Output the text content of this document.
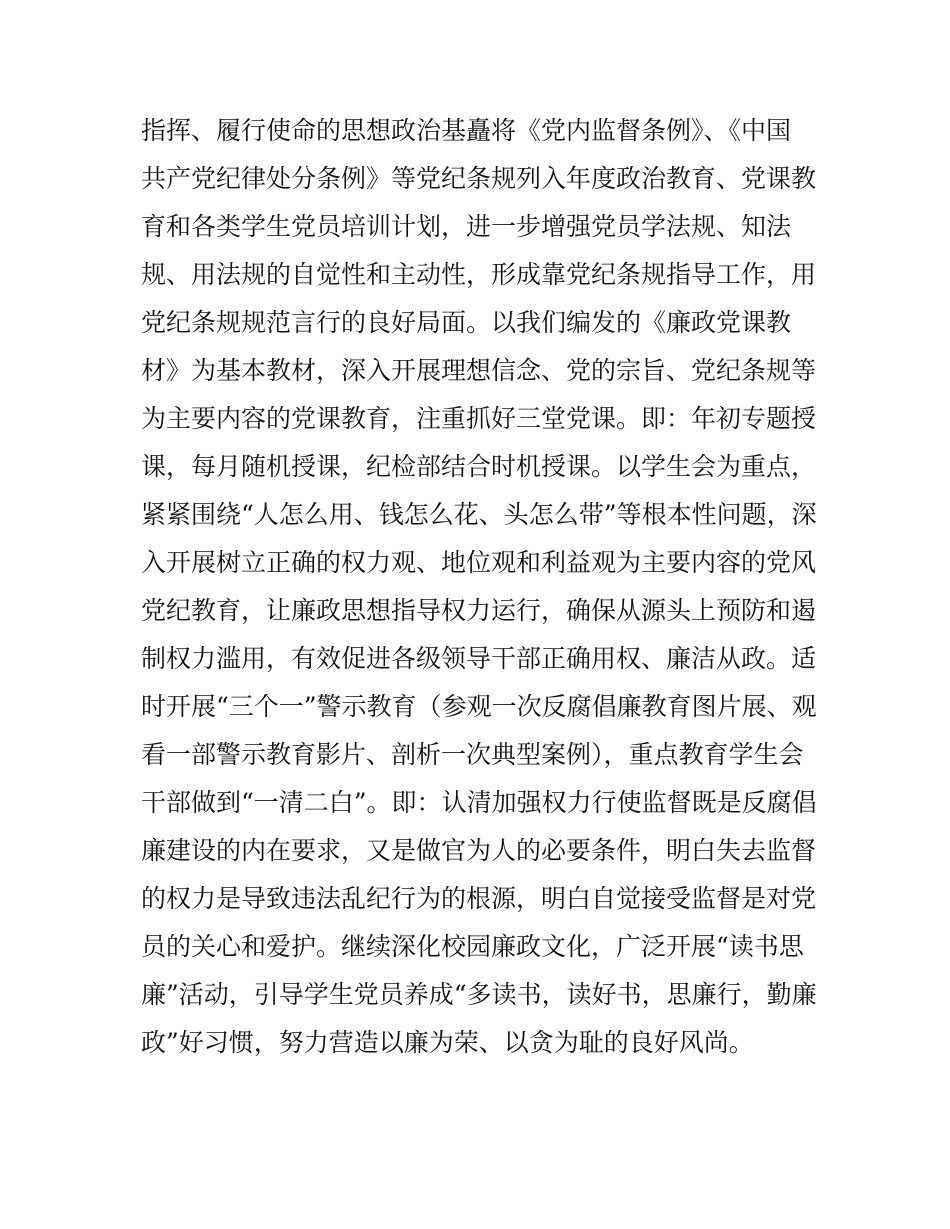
指挥、履行使命的思想政治基矗将《党内监督条例》、《中国
共产党纪律处分条例》等党纪条规列入年度政治教育、党课教
育和各类学生党员培训计划，进一步增强党员学法规、知法
规、用法规的自觉性和主动性，形成靠党纪条规指导工作，用
党纪条规规范言行的良好局面。以我们编发的《廉政党课教
材》为基本教材，深入开展理想信念、党的宗旨、党纪条规等
为主要内容的党课教育，注重抓好三堂党课。即：年初专题授
课，每月随机授课，纪检部结合时机授课。以学生会为重点，
紧紧围绕“人怎么用、钱怎么花、头怎么带”等根本性问题，深
入开展树立正确的权力观、地位观和利益观为主要内容的党风
党纪教育，让廉政思想指导权力运行，确保从源头上预防和遏
制权力滥用，有效促进各级领导干部正确用权、廉洁从政。适
时开展“三个一”警示教育（参观一次反腐倡廉教育图片展、观
看一部警示教育影片、剖析一次典型案例），重点教育学生会
干部做到“一清二白”。即：认清加强权力行使监督既是反腐倡
廉建设的内在要求，又是做官为人的必要条件，明白失去监督
的权力是导致违法乱纪行为的根源，明白自觉接受监督是对党
员的关心和爱护。继续深化校园廉政文化，广泛开展“读书思
廉”活动，引导学生党员养成“多读书，读好书，思廉行，勤廉
政”好习惯，努力营造以廉为荣、以贪为耻的良好风尚。
